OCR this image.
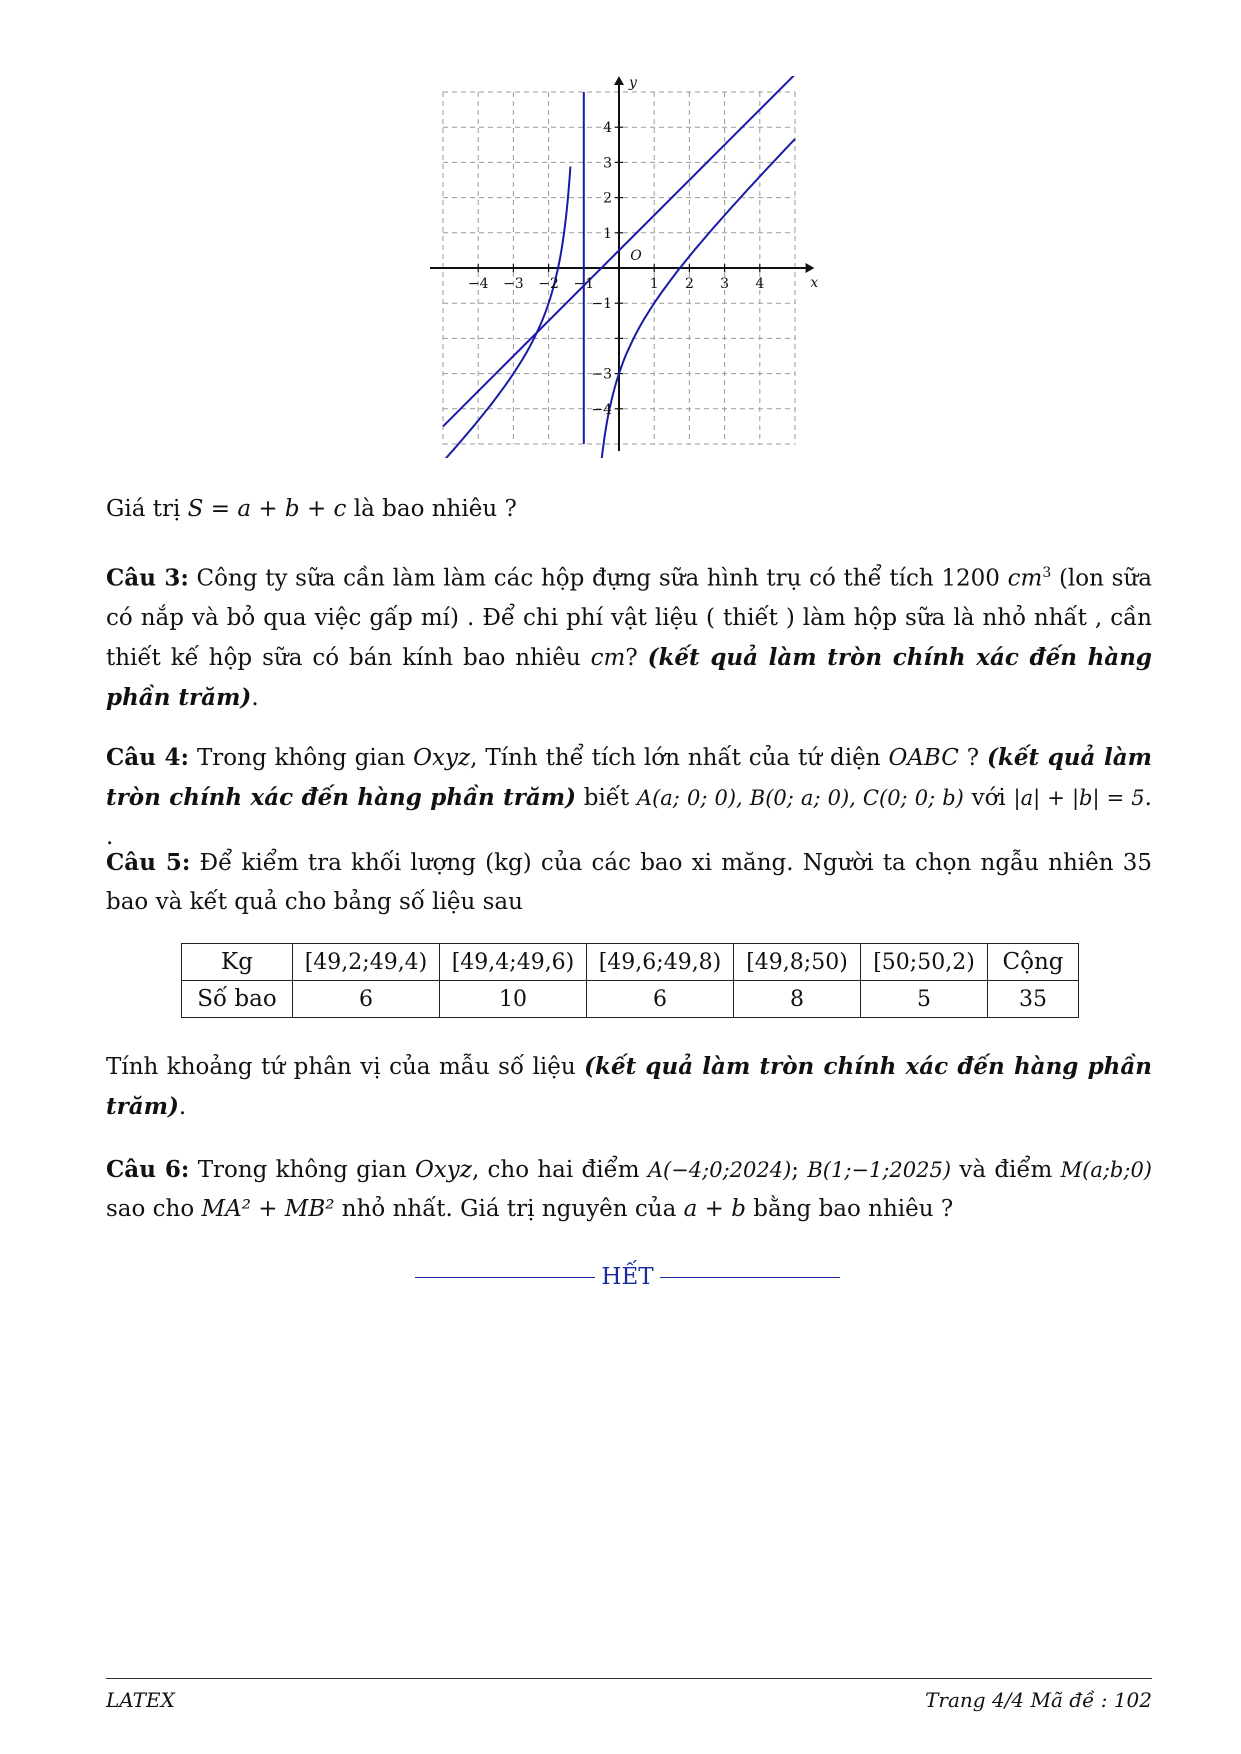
−4 −3 −2 −1	1 2 3 4
4
3
2
1
−1
−3
−4
x
y
O
Giá trị S = a + b + c là bao nhiêu ?
Câu 3: Công ty sữa cần làm làm các hộp đựng sữa hình trụ có thể tích 1200 $cm^3$ (lon sữa có nắp và bỏ qua việc gấp mí) . Để chi phí vật liệu ( thiết ) làm hộp sữa là nhỏ nhất , cần thiết kế hộp sữa có bán kính bao nhiêu cm? (kết quả làm tròn chính xác đến hàng phần trăm).
Câu 4: Trong không gian Oxyz, Tính thể tích lớn nhất của tứ diện OABC ? (kết quả làm tròn chính xác đến hàng phần trăm) biết A(a; 0; 0), B(0; a; 0), C(0; 0; b) với |a| + |b| = 5. .
Câu 5: Để kiểm tra khối lượng (kg) của các bao xi măng. Người ta chọn ngẫu nhiên 35 bao và kết quả cho bảng số liệu sau
Kg	[49,2;49,4)	[49,4;49,6)	[49,6;49,8)	[49,8;50)	[50;50,2)	Cộng
Số bao	6	10	6	8	5	35
Tính khoảng tứ phân vị của mẫu số liệu (kết quả làm tròn chính xác đến hàng phần trăm).
Câu 6: Trong không gian Oxyz, cho hai điểm A(−4;0;2024); B(1;−1;2025) và điểm M(a;b;0) sao cho MA² + MB² nhỏ nhất. Giá trị nguyên của a + b bằng bao nhiêu ?
HẾT
LATEX	Trang 4/4 Mã đề : 102
